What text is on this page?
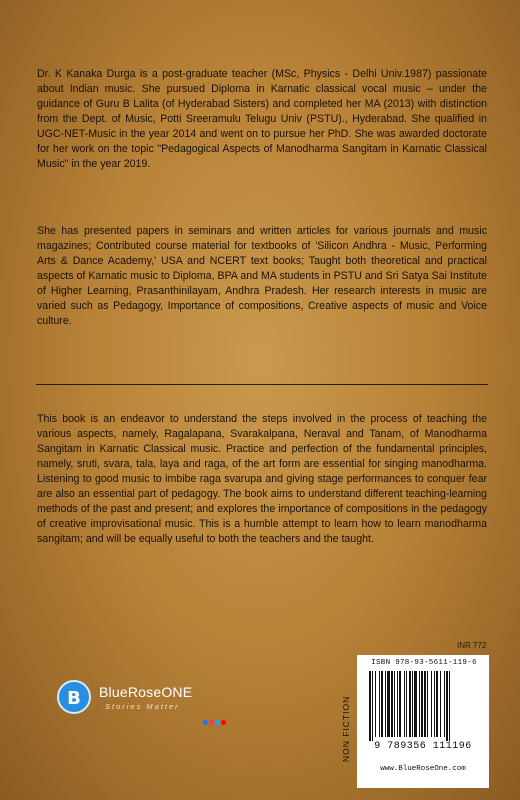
Dr. K Kanaka Durga is a post-graduate teacher (MSc, Physics - Delhi Univ.1987) passionate about Indian music. She pursued Diploma in Karnatic classical vocal music – under the guidance of Guru B Lalita (of Hyderabad Sisters) and completed her MA (2013) with distinction from the Dept. of Music, Potti Sreeramulu Telugu Univ (PSTU)., Hyderabad. She qualified in UGC-NET-Music in the year 2014 and went on to pursue her PhD. She was awarded doctorate for her work on the topic "Pedagogical Aspects of Manodharma Sangitam in Karnatic Classical Music" in the year 2019.

She has presented papers in seminars and written articles for various journals and music magazines; Contributed course material for textbooks of 'Silicon Andhra - Music, Performing Arts & Dance Academy,' USA and NCERT text books; Taught both theoretical and practical aspects of Karnatic music to Diploma, BPA and MA students in PSTU and Sri Satya Sai Institute of Higher Learning, Prasanthinilayam, Andhra Pradesh. Her research interests in music are varied such as Pedagogy, Importance of compositions, Creative aspects of music and Voice culture.

This book is an endeavor to understand the steps involved in the process of teaching the various aspects, namely, Ragalapana, Svarakalpana, Neraval and Tanam, of Manodharma Sangitam in Karnatic Classical music. Practice and perfection of the fundamental principles, namely, sruti, svara, tala, laya and raga, of the art form are essential for singing manodharma. Listening to good music to imbibe raga svarupa and giving stage performances to conquer fear are also an essential part of pedagogy. The book aims to understand different teaching-learning methods of the past and present; and explores the importance of compositions in the pedagogy of creative improvisational music. This is a humble attempt to learn how to learn manodharma sangitam; and will be equally useful to both the teachers and the taught.

INR 772
NON FICTION
ISBN 978-93-5611-119-6
9 789356 111196
www.BlueRoseOne.com
B	BlueRoseONE
Stories Matter
